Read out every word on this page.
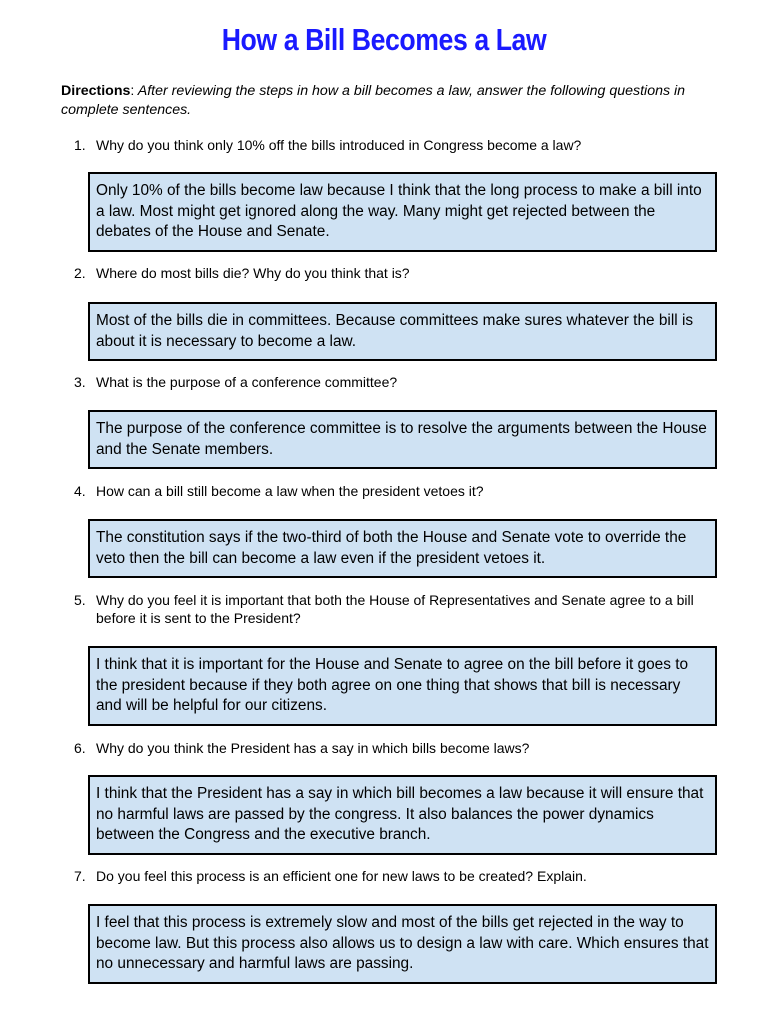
How a Bill Becomes a Law
Directions: After reviewing the steps in how a bill becomes a law, answer the following questions in complete sentences.
1. Why do you think only 10% off the bills introduced in Congress become a law?
Only 10% of the bills become law because I think that the long process to make a bill into a law. Most might get ignored along the way. Many might get rejected between the debates of the House and Senate.
2. Where do most bills die? Why do you think that is?
Most of the bills die in committees. Because committees make sures whatever the bill is about it is necessary to become a law.
3. What is the purpose of a conference committee?
The purpose of the conference committee is to resolve the arguments between the House and the Senate members.
4. How can a bill still become a law when the president vetoes it?
The constitution says if the two-third of both the House and Senate vote to override the veto then the bill can become a law even if the president vetoes it.
5. Why do you feel it is important that both the House of Representatives and Senate agree to a bill before it is sent to the President?
I think that it is important for the House and Senate to agree on the bill before it goes to the president because if they both agree on one thing that shows that bill is necessary and will be helpful for our citizens.
6. Why do you think the President has a say in which bills become laws?
I think that the President has a say in which bill becomes a law because it will ensure that no harmful laws are passed by the congress. It also balances the power dynamics between the Congress and the executive branch.
7. Do you feel this process is an efficient one for new laws to be created? Explain.
I feel that this process is extremely slow and most of the bills get rejected in the way to become law. But this process also allows us to design a law with care. Which ensures that no unnecessary and harmful laws are passing.
